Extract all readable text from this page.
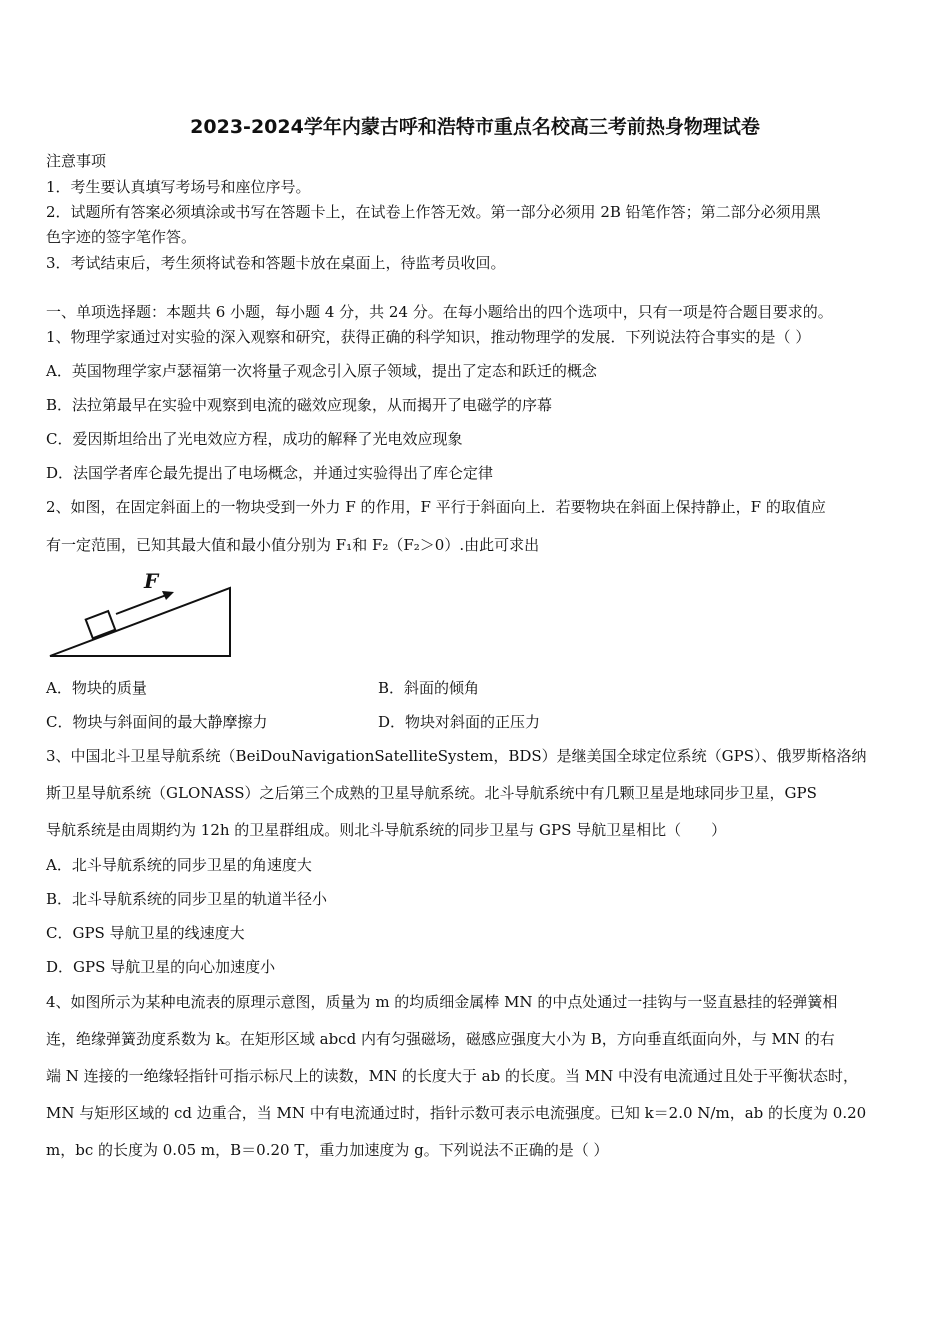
2023-2024学年内蒙古呼和浩特市重点名校高三考前热身物理试卷
注意事项
1．考生要认真填写考场号和座位序号。
2．试题所有答案必须填涂或书写在答题卡上，在试卷上作答无效。第一部分必须用 2B 铅笔作答；第二部分必须用黑
色字迹的签字笔作答。
3．考试结束后，考生须将试卷和答题卡放在桌面上，待监考员收回。
一、单项选择题：本题共 6 小题，每小题 4 分，共 24 分。在每小题给出的四个选项中，只有一项是符合题目要求的。
1、物理学家通过对实验的深入观察和研究，获得正确的科学知识，推动物理学的发展．下列说法符合事实的是（ ）
A．英国物理学家卢瑟福第一次将量子观念引入原子领域，提出了定态和跃迁的概念
B．法拉第最早在实验中观察到电流的磁效应现象，从而揭开了电磁学的序幕
C．爱因斯坦给出了光电效应方程，成功的解释了光电效应现象
D．法国学者库仑最先提出了电场概念，并通过实验得出了库仑定律
2、如图，在固定斜面上的一物块受到一外力 F 的作用，F 平行于斜面向上．若要物块在斜面上保持静止，F 的取值应
有一定范围，已知其最大值和最小值分别为 F₁和 F₂（F₂＞0）.由此可求出
F
A．物块的质量	B．斜面的倾角
C．物块与斜面间的最大静摩擦力	D．物块对斜面的正压力
3、中国北斗卫星导航系统（BeiDouNavigationSatelliteSystem，BDS）是继美国全球定位系统（GPS）、俄罗斯格洛纳
斯卫星导航系统（GLONASS）之后第三个成熟的卫星导航系统。北斗导航系统中有几颗卫星是地球同步卫星，GPS
导航系统是由周期约为 12h 的卫星群组成。则北斗导航系统的同步卫星与 GPS 导航卫星相比（　　）
A．北斗导航系统的同步卫星的角速度大
B．北斗导航系统的同步卫星的轨道半径小
C．GPS 导航卫星的线速度大
D．GPS 导航卫星的向心加速度小
4、如图所示为某种电流表的原理示意图，质量为 m 的均质细金属棒 MN 的中点处通过一挂钩与一竖直悬挂的轻弹簧相
连，绝缘弹簧劲度系数为 k。在矩形区域 abcd 内有匀强磁场，磁感应强度大小为 B，方向垂直纸面向外，与 MN 的右
端 N 连接的一绝缘轻指针可指示标尺上的读数，MN 的长度大于 ab 的长度。当 MN 中没有电流通过且处于平衡状态时，
MN 与矩形区域的 cd 边重合，当 MN 中有电流通过时，指针示数可表示电流强度。已知 k＝2.0 N/m，ab 的长度为 0.20
m，bc 的长度为 0.05 m，B＝0.20 T，重力加速度为 g。下列说法不正确的是（ ）
